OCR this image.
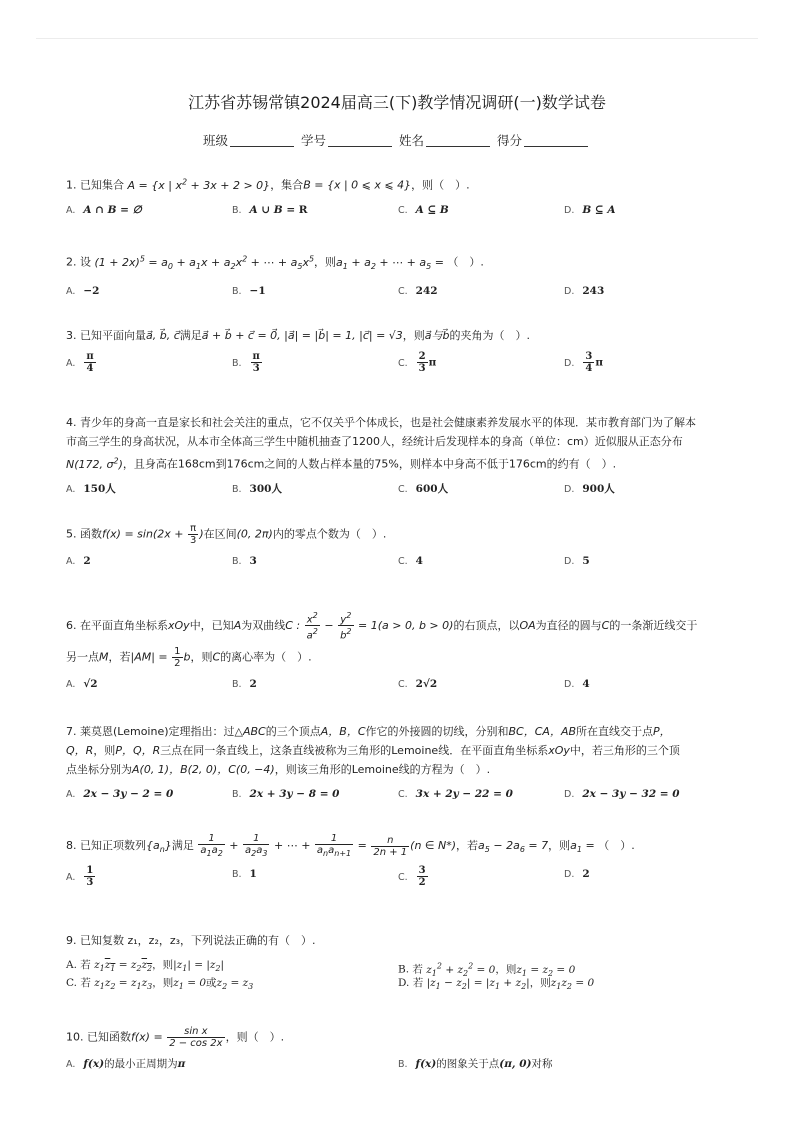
江苏省苏锡常镇2024届高三(下)教学情况调研(一)数学试卷
班级	学号	姓名	得分
1. 已知集合 A = {x | $x^2 + 3x + 2 > 0$}，集合B = {x | 0 ⩽ x ⩽ 4}，则（　）.
A. A ∩ B = ∅	B. A ∪ B = R	C. A ⊆ B	D. B ⊆ A
2. 设 $(1 + 2x)^5 = a_0 + a_1x + a_2x^2$ + ⋯ + $a_5x^5$，则$a_1 + a_2$ + ⋯ + $a_5$ = （　）.
A. −2	B. −1	C. 242	D. 243
3. 已知平面向量a⃗, b⃗, c⃗满足a⃗ + b⃗ + c⃗ = 0⃗, |a⃗| = |b⃗| = 1, |c⃗| = √3，则a⃗与b⃗的夹角为（　）.
A. $\frac{\pi}{4}$	B. $\frac{\pi}{3}$	C. $\frac{2}{3}$ π	D. $\frac{3}{4}$ π
4. 青少年的身高一直是家长和社会关注的重点，它不仅关乎个体成长，也是社会健康素养发展水平的体现．某市教育部门为了解本
市高三学生的身高状况，从本市全体高三学生中随机抽查了1200人，经统计后发现样本的身高（单位：cm）近似服从正态分布
N(172, $\sigma^2$)，且身高在168cm到176cm之间的人数占样本量的75%，则样本中身高不低于176cm的约有（　）.
A. 150人	B. 300人	C. 600人	D. 900人
5. 函数$f(x) = \sin(2x + \frac{\pi}{3}$ )在区间(0, 2π)内的零点个数为（　）.
A. 2	B. 3	C. 4	D. 5
6. 在平面直角坐标系xOy中，已知A为双曲线C : $\frac{x^2}{a^2} - \frac{y^2}{b^2} = 1(a > 0$, b > 0)的右顶点，以OA为直径的圆与C的一条渐近线交于
另一点M，若$|AM| = \frac{1}{2}$ b，则C的离心率为（　）.
A. √2	B. 2	C. 2√2	D. 4
7. 莱莫恩(Lemoine)定理指出：过△ABC的三个顶点A，B，C作它的外接圆的切线，分别和BC，CA，AB所在直线交于点P，
Q，R，则P，Q，R三点在同一条直线上，这条直线被称为三角形的Lemoine线．在平面直角坐标系xOy中，若三角形的三个顶
点坐标分别为A(0, 1)，B(2, 0)，C(0, −4)，则该三角形的Lemoine线的方程为（　）.
A. 2x − 3y − 2 = 0	B. 2x + 3y − 8 = 0	C. 3x + 2y − 22 = 0	D. 2x − 3y − 32 = 0
8. 已知正项数列$\{a_n\}$满足 $\frac{1}{a_1a_2} + \frac{1}{a_2a_3}$ + ⋯ + $\frac{1}{a_na_{n+1}} = \frac{n}{2n + 1} (n$ ∈ N*)，若$a_5 - 2a_6 = 7$，则$a_1$ = （　）.
A. $\frac{1}{3}$	B. 1	C. $\frac{3}{2}$	D. 2
9. 已知复数 z₁，z₂，z₃，下列说法正确的有（　）.
A. 若 $z_1z_1 = z_2z_2$，则$|z_1| = |z_2|$	B. 若 $z_1^2 + z_2^2 = 0$，则$z_1 = z_2 = 0$
C. 若 $z_1z_2 = z_1z_3$，则$z_1 = 0$或$z_2 = z_3$	D. 若 $|z_1 - z_2| = |z_1 + z_2|$，则$z_1z_2 = 0$
10. 已知函数$f(x) = \frac{\text{sin x}}{2 - \cos 2x}$ ，则（　）.
A. f(x)的最小正周期为π	B. f(x)的图象关于点(π, 0)对称
